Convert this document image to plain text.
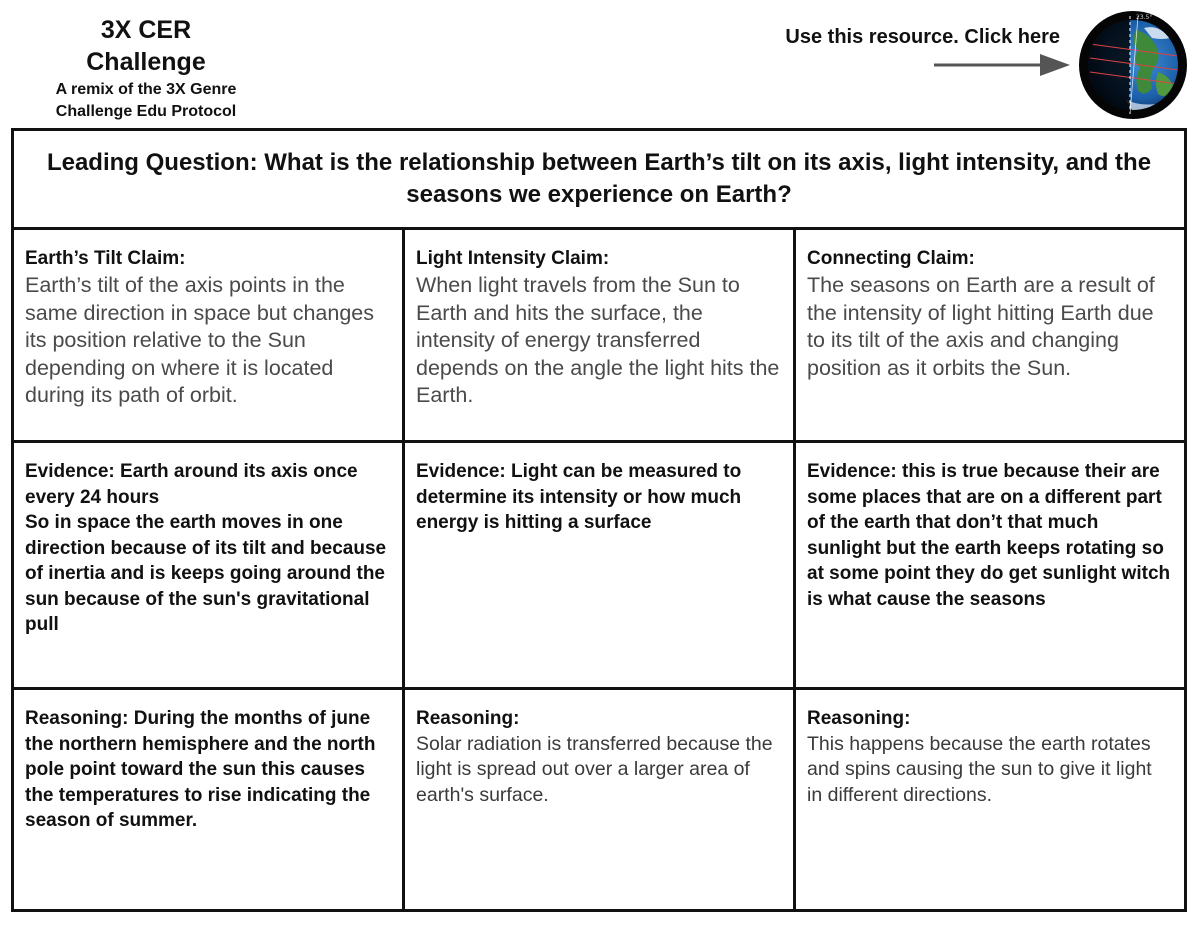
3X CER
Challenge
A remix of the 3X Genre
Challenge Edu Protocol
Use this resource. Click here
23.5°
Leading Question: What is the relationship between Earth’s tilt on its axis, light intensity, and the seasons we experience on Earth?
Earth’s Tilt Claim:
Earth’s tilt of the axis points in the same direction in space but changes its position relative to the Sun depending on where it is located during its path of orbit.
Light Intensity Claim:
When light travels from the Sun to Earth and hits the surface, the intensity of energy transferred depends on the angle the light hits the Earth.
Connecting Claim:
The seasons on Earth are a result of the intensity of light hitting Earth due to its tilt of the axis and changing position as it orbits the Sun.
Evidence: Earth around its axis once every 24 hours
So in space the earth moves in one direction because of its tilt and because of inertia and is keeps going around the sun because of the sun's gravitational pull
Evidence: Light can be measured to determine its intensity or how much energy is hitting a surface
Evidence: this is true because their are some places that are on a different part of the earth that don’t that much sunlight but the earth keeps rotating so at some point they do get sunlight witch is what cause the seasons
Reasoning: During the months of june the northern hemisphere and the north pole point toward the sun this causes the temperatures to rise indicating the season of summer.
Reasoning:
Solar radiation is transferred because the light is spread out over a larger area of earth's surface.
Reasoning:
This happens because the earth rotates and spins causing the sun to give it light in different directions.
